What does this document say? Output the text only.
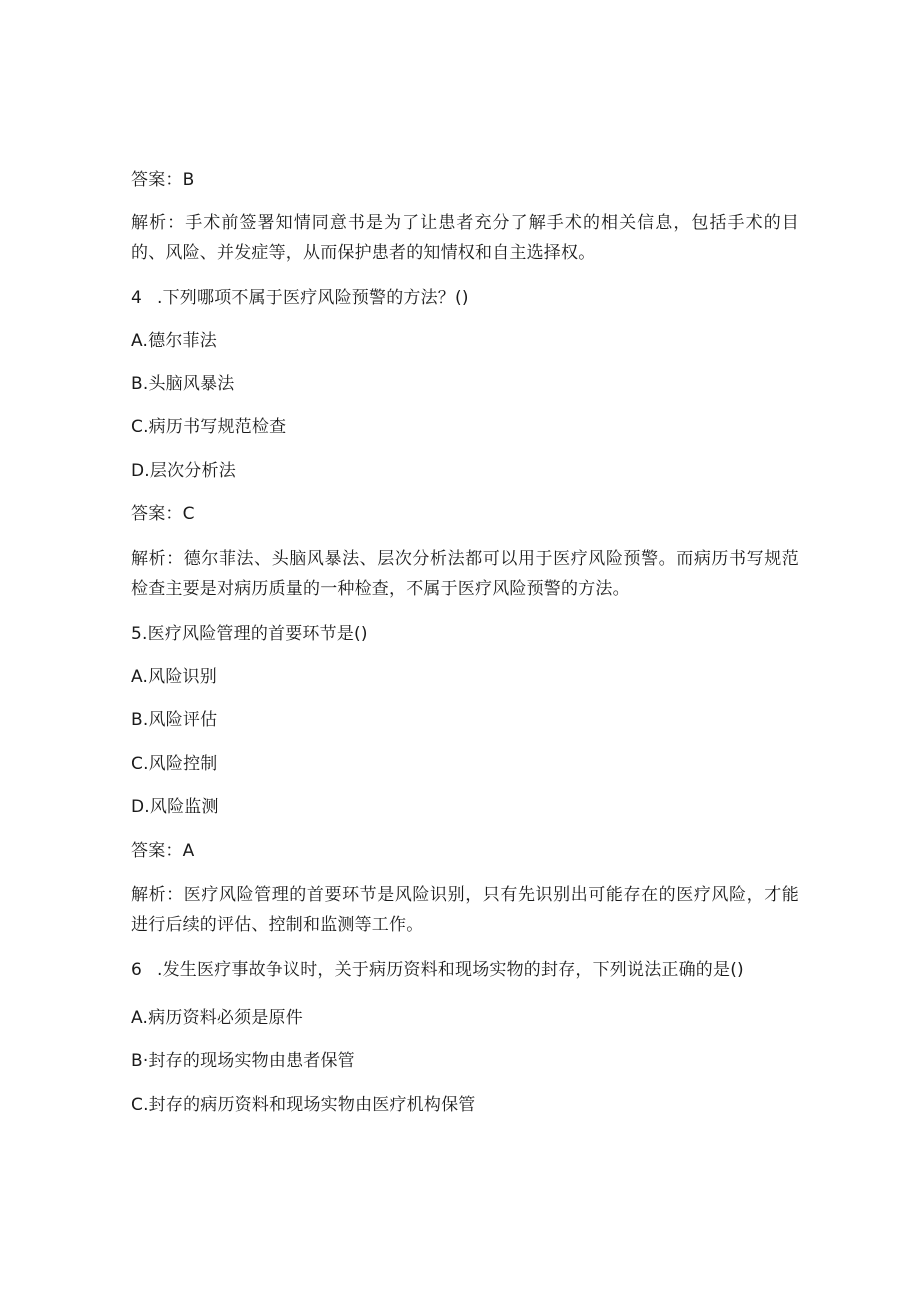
答案：B
解析：手术前签署知情同意书是为了让患者充分了解手术的相关信息，包括手术的目的、风险、并发症等，从而保护患者的知情权和自主选择权。
4 .下列哪项不属于医疗风险预警的方法？()
A.德尔菲法
B.头脑风暴法
C.病历书写规范检查
D.层次分析法
答案：C
解析：德尔菲法、头脑风暴法、层次分析法都可以用于医疗风险预警。而病历书写规范检查主要是对病历质量的一种检查，不属于医疗风险预警的方法。
5.医疗风险管理的首要环节是()
A.风险识别
B.风险评估
C.风险控制
D.风险监测
答案：A
解析：医疗风险管理的首要环节是风险识别，只有先识别出可能存在的医疗风险，才能进行后续的评估、控制和监测等工作。
6 .发生医疗事故争议时，关于病历资料和现场实物的封存，下列说法正确的是()
A.病历资料必须是原件
B·封存的现场实物由患者保管
C.封存的病历资料和现场实物由医疗机构保管
